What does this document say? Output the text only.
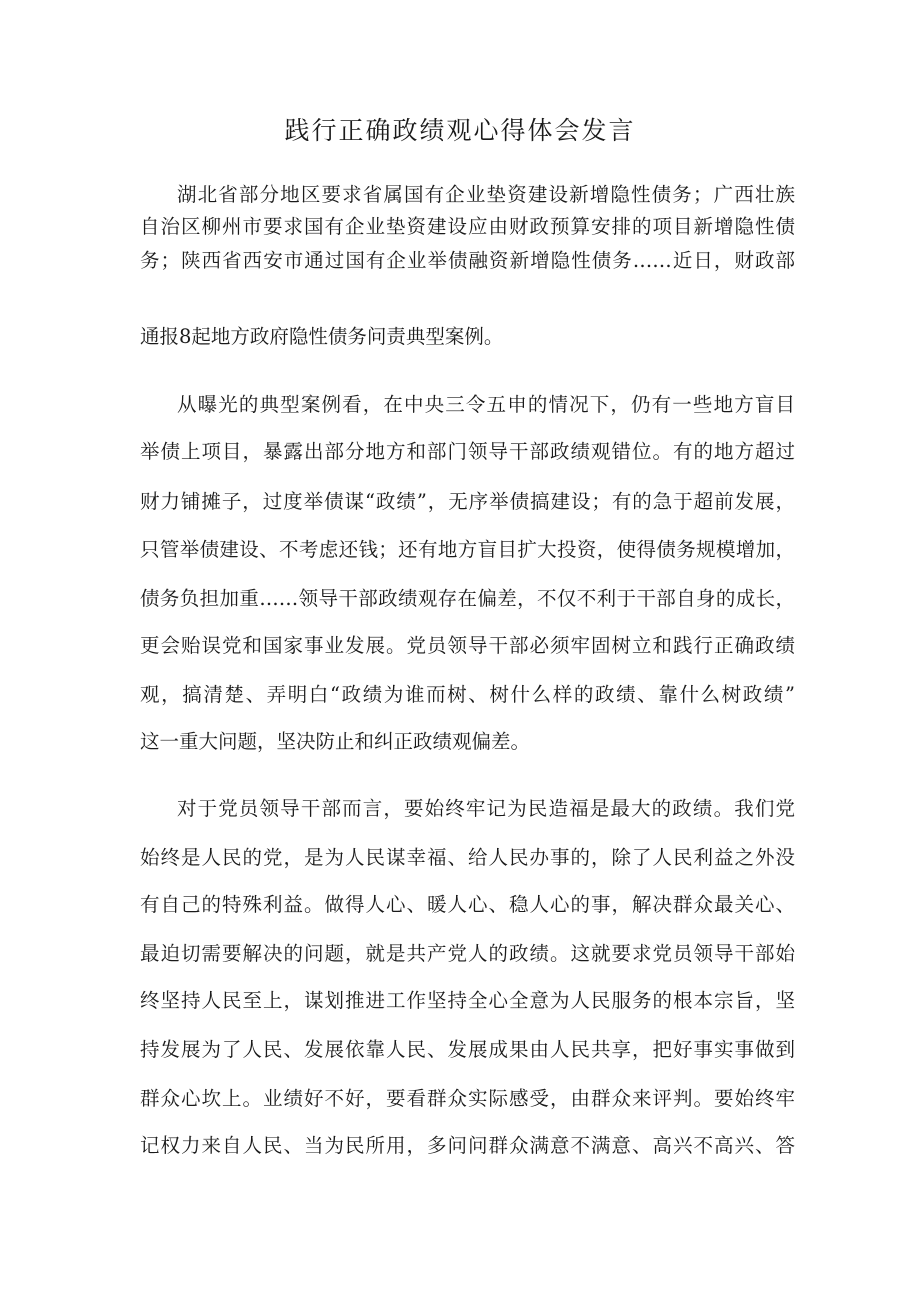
践行正确政绩观心得体会发言

湖北省部分地区要求省属国有企业垫资建设新增隐性债务；广西壮族

自治区柳州市要求国有企业垫资建设应由财政预算安排的项目新增隐性债

务；陕西省西安市通过国有企业举债融资新增隐性债务……近日，财政部

通报8起地方政府隐性债务问责典型案例。

从曝光的典型案例看，在中央三令五申的情况下，仍有一些地方盲目

举债上项目，暴露出部分地方和部门领导干部政绩观错位。有的地方超过

财力铺摊子，过度举债谋“政绩”，无序举债搞建设；有的急于超前发展，

只管举债建设、不考虑还钱；还有地方盲目扩大投资，使得债务规模增加，

债务负担加重……领导干部政绩观存在偏差，不仅不利于干部自身的成长，

更会贻误党和国家事业发展。党员领导干部必须牢固树立和践行正确政绩

观，搞清楚、弄明白“政绩为谁而树、树什么样的政绩、靠什么树政绩”

这一重大问题，坚决防止和纠正政绩观偏差。

对于党员领导干部而言，要始终牢记为民造福是最大的政绩。我们党

始终是人民的党，是为人民谋幸福、给人民办事的，除了人民利益之外没

有自己的特殊利益。做得人心、暖人心、稳人心的事，解决群众最关心、

最迫切需要解决的问题，就是共产党人的政绩。这就要求党员领导干部始

终坚持人民至上，谋划推进工作坚持全心全意为人民服务的根本宗旨，坚

持发展为了人民、发展依靠人民、发展成果由人民共享，把好事实事做到

群众心坎上。业绩好不好，要看群众实际感受，由群众来评判。要始终牢

记权力来自人民、当为民所用，多问问群众满意不满意、高兴不高兴、答
